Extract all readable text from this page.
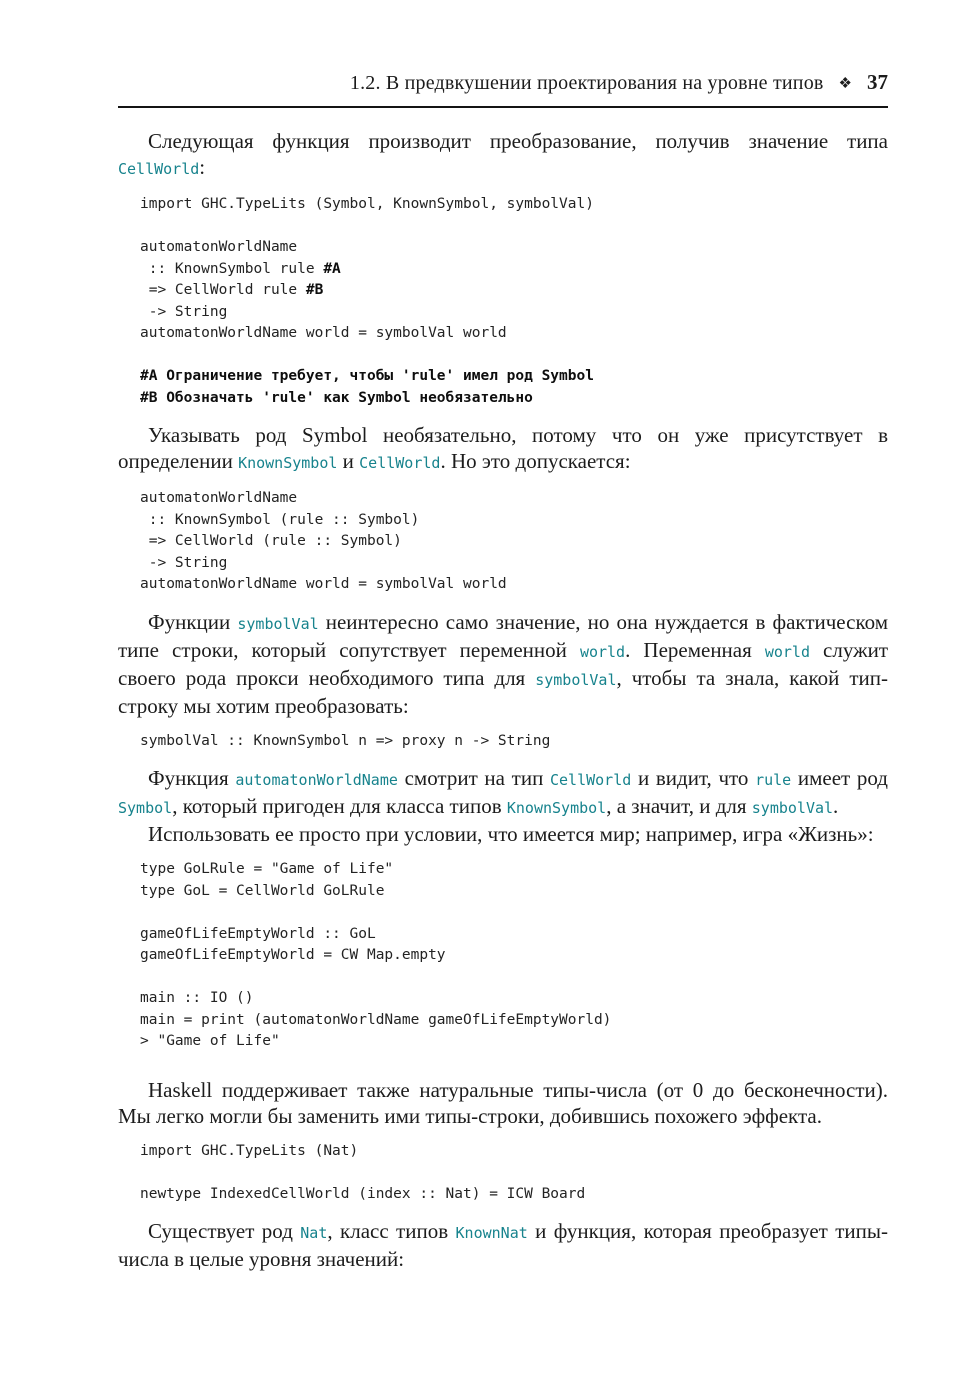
1.2. В предвкушении проектирования на уровне типов ❖ 37

Следующая функция производит преобразование, получив значение типа CellWorld:

import GHC.TypeLits (Symbol, KnownSymbol, symbolVal)

automatonWorldName
:: KnownSymbol rule #A
=> CellWorld rule #B
-> String
automatonWorldName world = symbolVal world

#A Ограничение требует, чтобы 'rule' имел род Symbol
#B Обозначать 'rule' как Symbol необязательно

Указывать род Symbol необязательно, потому что он уже присутствует в определении KnownSymbol и CellWorld. Но это допускается:

automatonWorldName
:: KnownSymbol (rule :: Symbol)
=> CellWorld (rule :: Symbol)
-> String
automatonWorldName world = symbolVal world

Функции symbolVal неинтересно само значение, но она нуждается в фактическом типе строки, который сопутствует переменной world. Переменная world служит своего рода прокси необходимого типа для symbolVal, чтобы та знала, какой тип-строку мы хотим преобразовать:

symbolVal :: KnownSymbol n => proxy n -> String

Функция automatonWorldName смотрит на тип CellWorld и видит, что rule имеет род Symbol, который пригоден для класса типов KnownSymbol, а значит, и для symbolVal.

Использовать ее просто при условии, что имеется мир; например, игра «Жизнь»:

type GoLRule = "Game of Life"
type GoL = CellWorld GoLRule

gameOfLifeEmptyWorld :: GoL
gameOfLifeEmptyWorld = CW Map.empty

main :: IO ()
main = print (automatonWorldName gameOfLifeEmptyWorld)
> "Game of Life"

Haskell поддерживает также натуральные типы-числа (от 0 до бесконечности). Мы легко могли бы заменить ими типы-строки, добившись похожего эффекта.

import GHC.TypeLits (Nat)

newtype IndexedCellWorld (index :: Nat) = ICW Board

Существует род Nat, класс типов KnownNat и функция, которая преобразует типы-числа в целые уровня значений:
